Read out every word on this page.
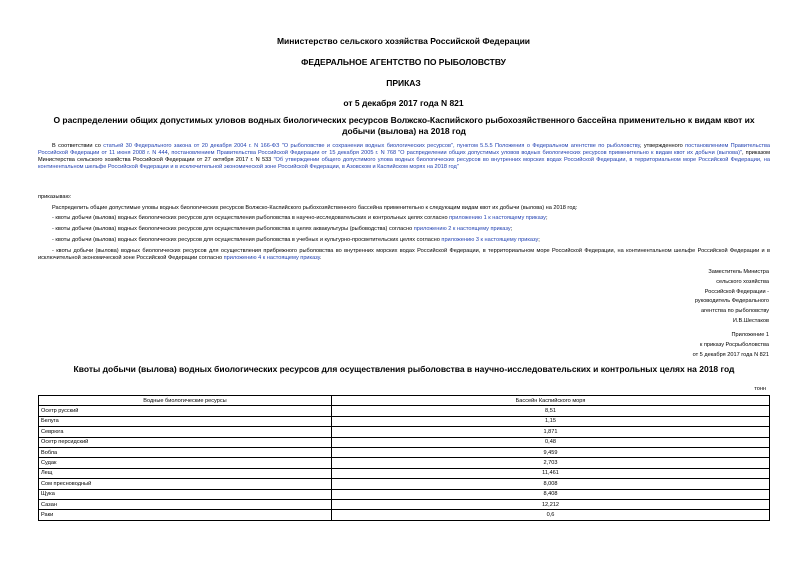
Министерство сельского хозяйства Российской Федерации
ФЕДЕРАЛЬНОЕ АГЕНТСТВО ПО РЫБОЛОВСТВУ
ПРИКАЗ
от 5 декабря 2017 года N 821
О распределении общих допустимых уловов водных биологических ресурсов Волжско-Каспийского рыбохозяйственного бассейна применительно к видам квот их добычи (вылова) на 2018 год
В соответствии со статьей 30 Федерального закона от 20 декабря 2004 г. N 166-ФЗ "О рыболовстве и сохранении водных биологических ресурсов", пунктом 5.5.5 Положения о Федеральном агентстве по рыболовству, утвержденного постановлением Правительства Российской Федерации от 11 июня 2008 г. N 444, постановлением Правительства Российской Федерации от 15 декабря 2005 г. N 768 "О распределении общих допустимых уловов водных биологических ресурсов применительно к видам квот их добычи (вылова)", приказом Министерства сельского хозяйства Российской Федерации от 27 октября 2017 г. N 533 "Об утверждении общего допустимого улова водных биологических ресурсов во внутренних морских водах Российской Федерации, в территориальном море Российской Федерации, на континентальном шельфе Российской Федерации и в исключительной экономической зоне Российской Федерации, в Азовском и Каспийском морях на 2018 год"
приказываю:
Распределить общие допустимые уловы водных биологических ресурсов Волжско-Каспийского рыбохозяйственного бассейна применительно к следующим видам квот их добычи (вылова) на 2018 год:
- квоты добычи (вылова) водных биологических ресурсов для осуществления рыболовства в научно-исследовательских и контрольных целях согласно приложению 1 к настоящему приказу;
- квоты добычи (вылова) водных биологических ресурсов для осуществления рыболовства в целях аквакультуры (рыбоводства) согласно приложению 2 к настоящему приказу;
- квоты добычи (вылова) водных биологических ресурсов для осуществления рыболовства в учебных и культурно-просветительских целях согласно приложению 3 к настоящему приказу;
- квоты добычи (вылова) водных биологических ресурсов для осуществления прибрежного рыболовства во внутренних морских водах Российской Федерации, в территориальном море Российской Федерации, на континентальном шельфе Российской Федерации и в исключительной экономической зоне Российской Федерации согласно приложению 4 к настоящему приказу.
Заместитель Министра
сельского хозяйства
Российской Федерации -
руководитель Федерального
агентства по рыболовству
И.В.Шестаков
Приложение 1
к приказу Росрыболовства
от 5 декабря 2017 года N 821
Квоты добычи (вылова) водных биологических ресурсов для осуществления рыболовства в научно-исследовательских и контрольных целях на 2018 год
тонн
Водные биологические ресурсы	Бассейн Каспийского моря
Осетр русский	8,51
Белуга	1,15
Севрюга	1,871
Осетр персидский	0,48
Вобла	9,459
Судак	2,703
Лещ	11,461
Сом пресноводный	8,008
Щука	8,408
Сазан	12,212
Раки	0,6
